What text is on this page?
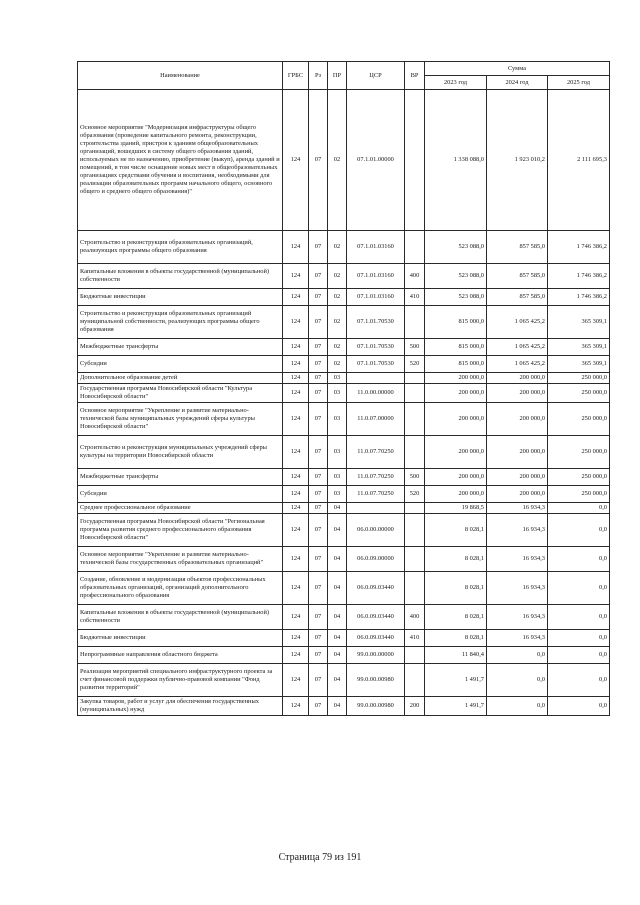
Наименование	ГРБС	Рз	ПР	ЦСР	ВР	Сумма		
						2023 год	2024 год	2025 год
Основное мероприятие "Модернизация инфраструктуры общего образования (проведение капитального ремонта, реконструкции, строительства зданий, пристроя к зданиям общеобразовательных организаций, вошедших в систему общего образования зданий, используемых не по назначению, приобретение (выкуп), аренда зданий и помещений, в том числе оснащение новых мест в общеобразовательных организациях средствами обучения и воспитания, необходимыми для реализации образовательных программ начального общего, основного общего и среднего общего образования)"	124	07	02	07.1.01.00000		1 338 088,0	1 923 010,2	2 111 695,3
Строительство и реконструкция образовательных организаций, реализующих программы общего образования	124	07	02	07.1.01.03160		523 088,0	857 585,0	1 746 386,2
Капитальные вложения в объекты государственной (муниципальной) собственности	124	07	02	07.1.01.03160	400	523 088,0	857 585,0	1 746 386,2
Бюджетные инвестиции	124	07	02	07.1.01.03160	410	523 088,0	857 585,0	1 746 386,2
Строительство и реконструкция образовательных организаций муниципальной собственности, реализующих программы общего образования	124	07	02	07.1.01.70530		815 000,0	1 065 425,2	365 309,1
Межбюджетные трансферты	124	07	02	07.1.01.70530	500	815 000,0	1 065 425,2	365 309,1
Субсидии	124	07	02	07.1.01.70530	520	815 000,0	1 065 425,2	365 309,1
Дополнительное образование детей	124	07	03			200 000,0	200 000,0	250 000,0
Государственная программа Новосибирской области "Культура Новосибирской области"	124	07	03	11.0.00.00000		200 000,0	200 000,0	250 000,0
Основное мероприятие "Укрепление и развитие материально-технической базы муниципальных учреждений сферы культуры Новосибирской области"	124	07	03	11.0.07.00000		200 000,0	200 000,0	250 000,0
Строительство и реконструкция муниципальных учреждений сферы культуры на территории Новосибирской области	124	07	03	11.0.07.70250		200 000,0	200 000,0	250 000,0
Межбюджетные трансферты	124	07	03	11.0.07.70250	500	200 000,0	200 000,0	250 000,0
Субсидии	124	07	03	11.0.07.70250	520	200 000,0	200 000,0	250 000,0
Среднее профессиональное образование	124	07	04			19 868,5	16 934,3	0,0
Государственная программа Новосибирской области "Региональная программа развития среднего профессионального образования Новосибирской области"	124	07	04	06.0.00.00000		8 028,1	16 934,3	0,0
Основное мероприятие "Укрепление и развитие материально-технической базы государственных образовательных организаций"	124	07	04	06.0.09.00000		8 028,1	16 934,3	0,0
Создание, обновление и модернизация объектов профессиональных образовательных организаций, организаций дополнительного профессионального образования	124	07	04	06.0.09.03440		8 028,1	16 934,3	0,0
Капитальные вложения в объекты государственной (муниципальной) собственности	124	07	04	06.0.09.03440	400	8 028,1	16 934,3	0,0
Бюджетные инвестиции	124	07	04	06.0.09.03440	410	8 028,1	16 934,3	0,0
Непрограммные направления областного бюджета	124	07	04	99.0.00.00000		11 840,4	0,0	0,0
Реализация мероприятий специального инфраструктурного проекта за счет финансовой поддержки публично-правовой компании "Фонд развития территорий"	124	07	04	99.0.00.00980		1 491,7	0,0	0,0
Закупка товаров, работ и услуг для обеспечения государственных (муниципальных) нужд	124	07	04	99.0.00.00980	200	1 491,7	0,0	0,0
Страница 79 из 191
